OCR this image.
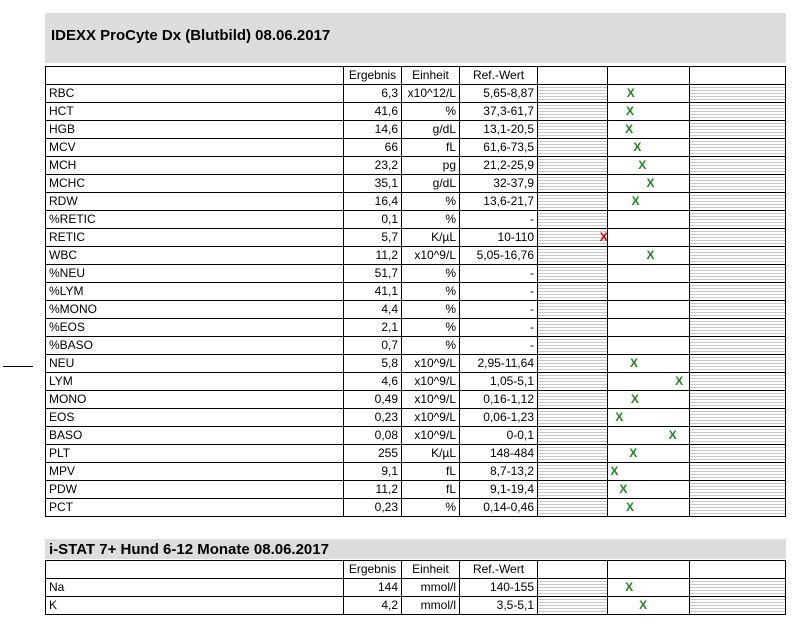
IDEXX ProCyte Dx (Blutbild) 08.06.2017
Ergebnis	Einheit	Ref.-Wert
RBC	6,3 x10^12/L	5,65-8,87	X
HCT	41,6	%	37,3-61,7	X
HGB	14,6	g/dL	13,1-20,5	X
MCV	66	fL	61,6-73,5	X
MCH	23,2	pg	21,2-25,9	X
MCHC	35,1	g/dL	32-37,9	X
RDW	16,4	%	13,6-21,7	X
%RETIC	0,1	%	-
RETIC	5,7	K/µL	10-110	X
WBC	11,2	x10^9/L	5,05-16,76	X
%NEU	51,7	%	-
%LYM	41,1	%	-
%MONO	4,4	%	-
%EOS	2,1	%	-
%BASO	0,7	%	-
NEU	5,8	x10^9/L	2,95-11,64	X
LYM	4,6	x10^9/L	1,05-5,1	X
MONO	0,49	x10^9/L	0,16-1,12	X
EOS	0,23	x10^9/L	0,06-1,23	X
BASO	0,08	x10^9/L	0-0,1	X
PLT	255	K/µL	148-484	X
MPV	9,1	fL	8,7-13,2	X
PDW	11,2	fL	9,1-19,4	X
PCT	0,23	%	0,14-0,46	X
i-STAT 7+ Hund 6-12 Monate 08.06.2017
Ergebnis	Einheit	Ref.-Wert
Na	144	mmol/l	140-155	X
K	4,2	mmol/l	3,5-5,1	X
